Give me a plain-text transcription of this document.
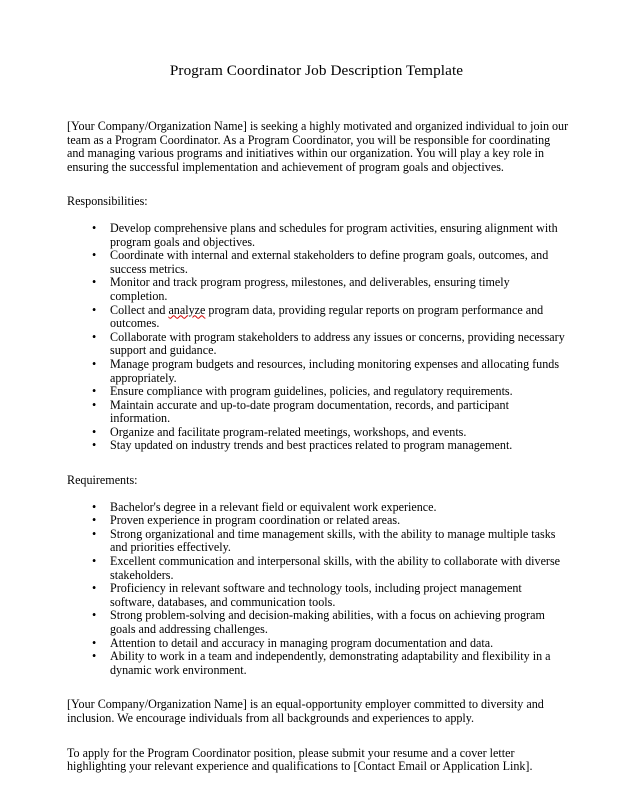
Program Coordinator Job Description Template

[Your Company/Organization Name] is seeking a highly motivated and organized individual to join our team as a Program Coordinator. As a Program Coordinator, you will be responsible for coordinating and managing various programs and initiatives within our organization. You will play a key role in ensuring the successful implementation and achievement of program goals and objectives.

Responsibilities:
• Develop comprehensive plans and schedules for program activities, ensuring alignment with program goals and objectives.
• Coordinate with internal and external stakeholders to define program goals, outcomes, and success metrics.
• Monitor and track program progress, milestones, and deliverables, ensuring timely completion.
• Collect and analyze program data, providing regular reports on program performance and outcomes.
• Collaborate with program stakeholders to address any issues or concerns, providing necessary support and guidance.
• Manage program budgets and resources, including monitoring expenses and allocating funds appropriately.
• Ensure compliance with program guidelines, policies, and regulatory requirements.
• Maintain accurate and up-to-date program documentation, records, and participant information.
• Organize and facilitate program-related meetings, workshops, and events.
• Stay updated on industry trends and best practices related to program management.
Requirements:
• Bachelor's degree in a relevant field or equivalent work experience.
• Proven experience in program coordination or related areas.
• Strong organizational and time management skills, with the ability to manage multiple tasks and priorities effectively.
• Excellent communication and interpersonal skills, with the ability to collaborate with diverse stakeholders.
• Proficiency in relevant software and technology tools, including project management software, databases, and communication tools.
• Strong problem-solving and decision-making abilities, with a focus on achieving program goals and addressing challenges.
• Attention to detail and accuracy in managing program documentation and data.
• Ability to work in a team and independently, demonstrating adaptability and flexibility in a dynamic work environment.

[Your Company/Organization Name] is an equal-opportunity employer committed to diversity and inclusion. We encourage individuals from all backgrounds and experiences to apply.

To apply for the Program Coordinator position, please submit your resume and a cover letter highlighting your relevant experience and qualifications to [Contact Email or Application Link].
